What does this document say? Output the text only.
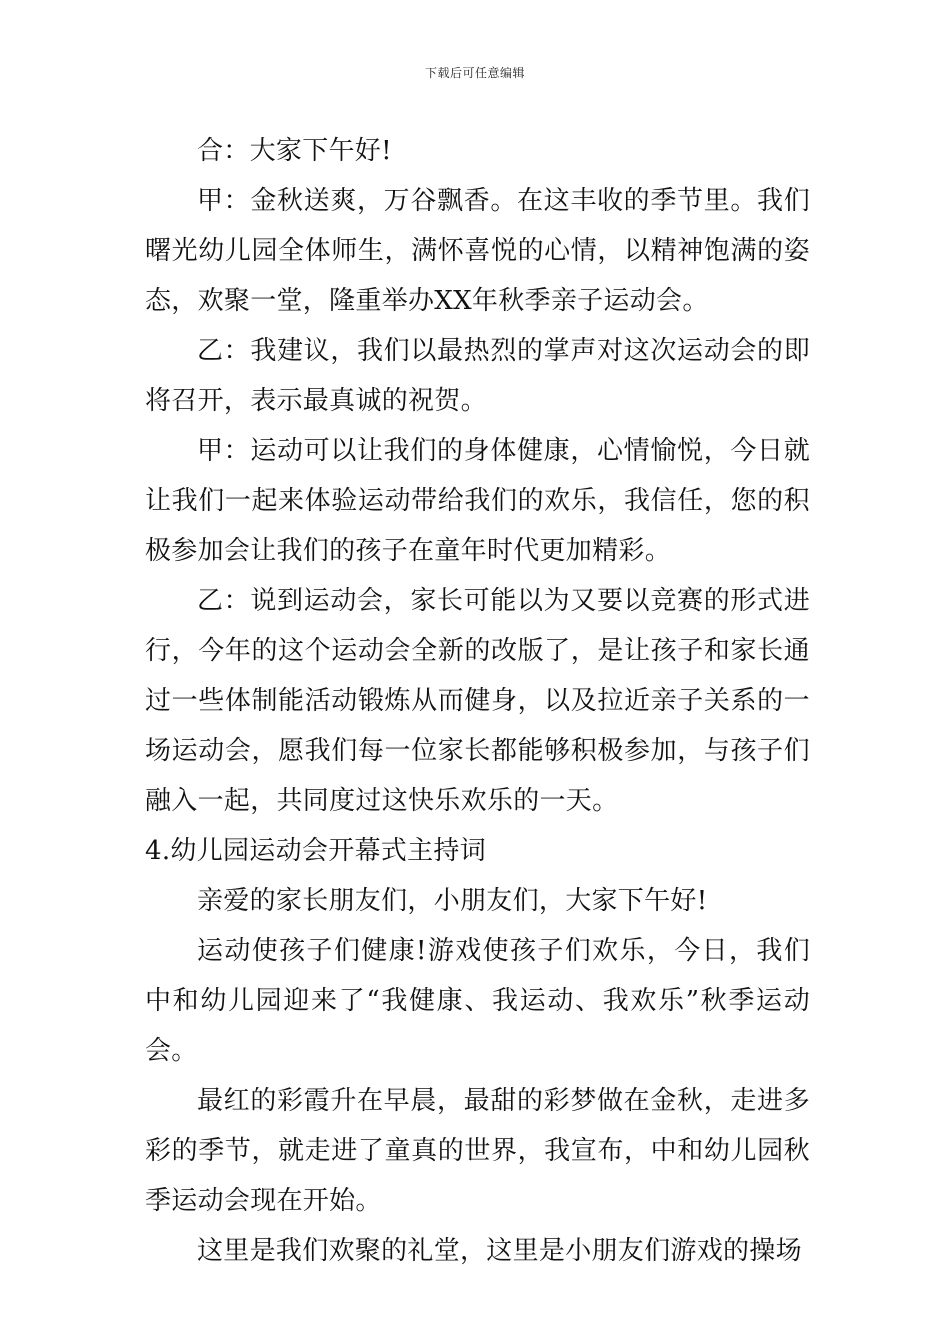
下载后可任意编辑

合：大家下午好!

甲：金秋送爽，万谷飘香。在这丰收的季节里。我们曙光幼儿园全体师生，满怀喜悦的心情，以精神饱满的姿态，欢聚一堂，隆重举办XX年秋季亲子运动会。

乙：我建议，我们以最热烈的掌声对这次运动会的即将召开，表示最真诚的祝贺。

甲：运动可以让我们的身体健康，心情愉悦，今日就让我们一起来体验运动带给我们的欢乐，我信任，您的积极参加会让我们的孩子在童年时代更加精彩。

乙：说到运动会，家长可能以为又要以竞赛的形式进行，今年的这个运动会全新的改版了，是让孩子和家长通过一些体制能活动锻炼从而健身，以及拉近亲子关系的一场运动会，愿我们每一位家长都能够积极参加，与孩子们融入一起，共同度过这快乐欢乐的一天。

4.幼儿园运动会开幕式主持词

亲爱的家长朋友们，小朋友们，大家下午好!

运动使孩子们健康!游戏使孩子们欢乐，今日，我们中和幼儿园迎来了“我健康、我运动、我欢乐”秋季运动会。

最红的彩霞升在早晨，最甜的彩梦做在金秋，走进多彩的季节，就走进了童真的世界，我宣布，中和幼儿园秋季运动会现在开始。

这里是我们欢聚的礼堂，这里是小朋友们游戏的操场
